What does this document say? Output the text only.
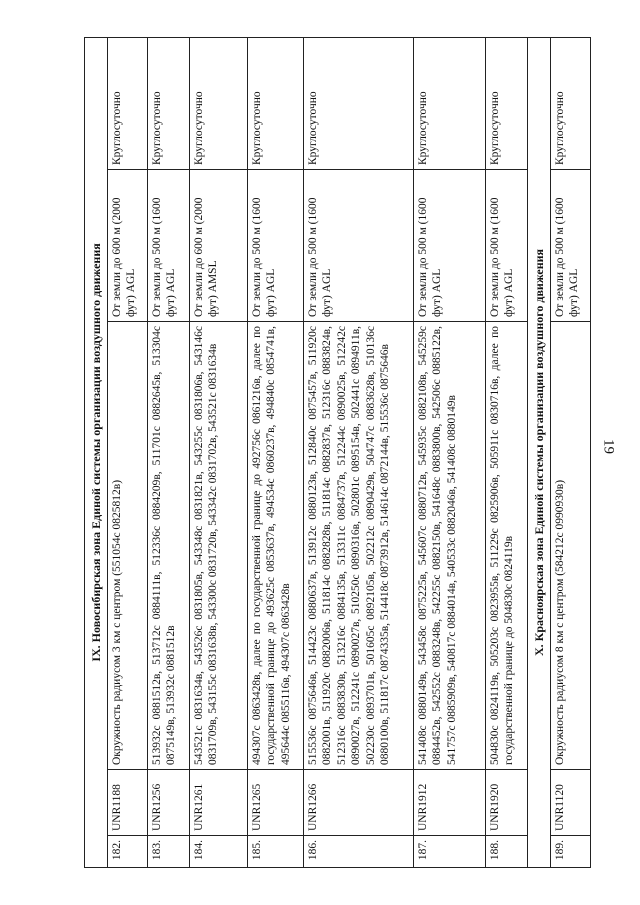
19
IX. Новосибирская зона Единой системы организации воздушного движения				
182.	UNR1188	Окружность радиусом 3 км с центром (551054с 0825812в)	От земли до 600 м (2000 фут) AGL	Круглосуточно
183.	UNR1256	513932с 0881512в, 513712с 0884111в, 512336с 0884209в, 511701с 0882645в, 513304с 0875149в, 513932с 0881512в	От земли до 500 м (1600 фут) AGL	Круглосуточно
184.	UNR1261	543521с 0831634в, 543526с 0831805в, 543348с 0831821в, 543255с 0831806в, 543146с 0831709в, 543155с 0831638в, 543300с 0831720в, 543342с 0831702в, 543521с 0831634в	От земли до 600 м (2000 фут) AMSL	Круглосуточно
185.	UNR1265	494307с 0863428в, далее по государственной границе до 492756с 0861216в, далее по государственной границе до 493625с 0853637в, 494534с 0860237в, 494840с 0854741в, 495644с 0855116в, 494307с 0863428в	От земли до 500 м (1600 фут) AGL	Круглосуточно
186.	UNR1266	515536с 0875646в, 514423с 0880637в, 513912с 0880123в, 512840с 0875457в, 511920с 0882001в, 511920с 0882006в, 511814с 0882828в, 511814с 0882837в, 512316с 0883824в, 512316с 0883830в, 513216с 0884135в, 513311с 0884737в, 512244с 0890025в, 512242с 0890027в, 512241с 0890027в, 510250с 0890316в, 502801с 0895154в, 502441с 0894911в, 502230с 0893701в, 501605с 0892105в, 502212с 0890429в, 504747с 0883628в, 510136с 0880100в, 511817с 0874335в, 514418с 0873912в, 514614с 0872144в, 515536с 0875646в	От земли до 500 м (1600 фут) AGL	Круглосуточно
187.	UNR1912	541408с 0880149в, 543458с 0875225в, 545607с 0880712в, 545935с 0882108в, 545259с 0884452в, 542552с 0883248в, 542255с 0882150в, 541648с 0883800в, 542506с 0885122в, 541757с 0885909в, 540817с 0884014в, 540533с 0882046в, 541408с 0880149в	От земли до 500 м (1600 фут) AGL	Круглосуточно
188.	UNR1920	504830с 0824119в, 505203с 0823955в, 511229с 0825906в, 505911с 0830716в, далее по государственной границе до 504830с 0824119в	От земли до 500 м (1600 фут) AGL	Круглосуточно
X. Красноярская зона Единой системы организации воздушного движения				
189.	UNR1120	Окружность радиусом 8 км с центром (584212с 0990930в)	От земли до 500 м (1600 фут) AGL	Круглосуточно
